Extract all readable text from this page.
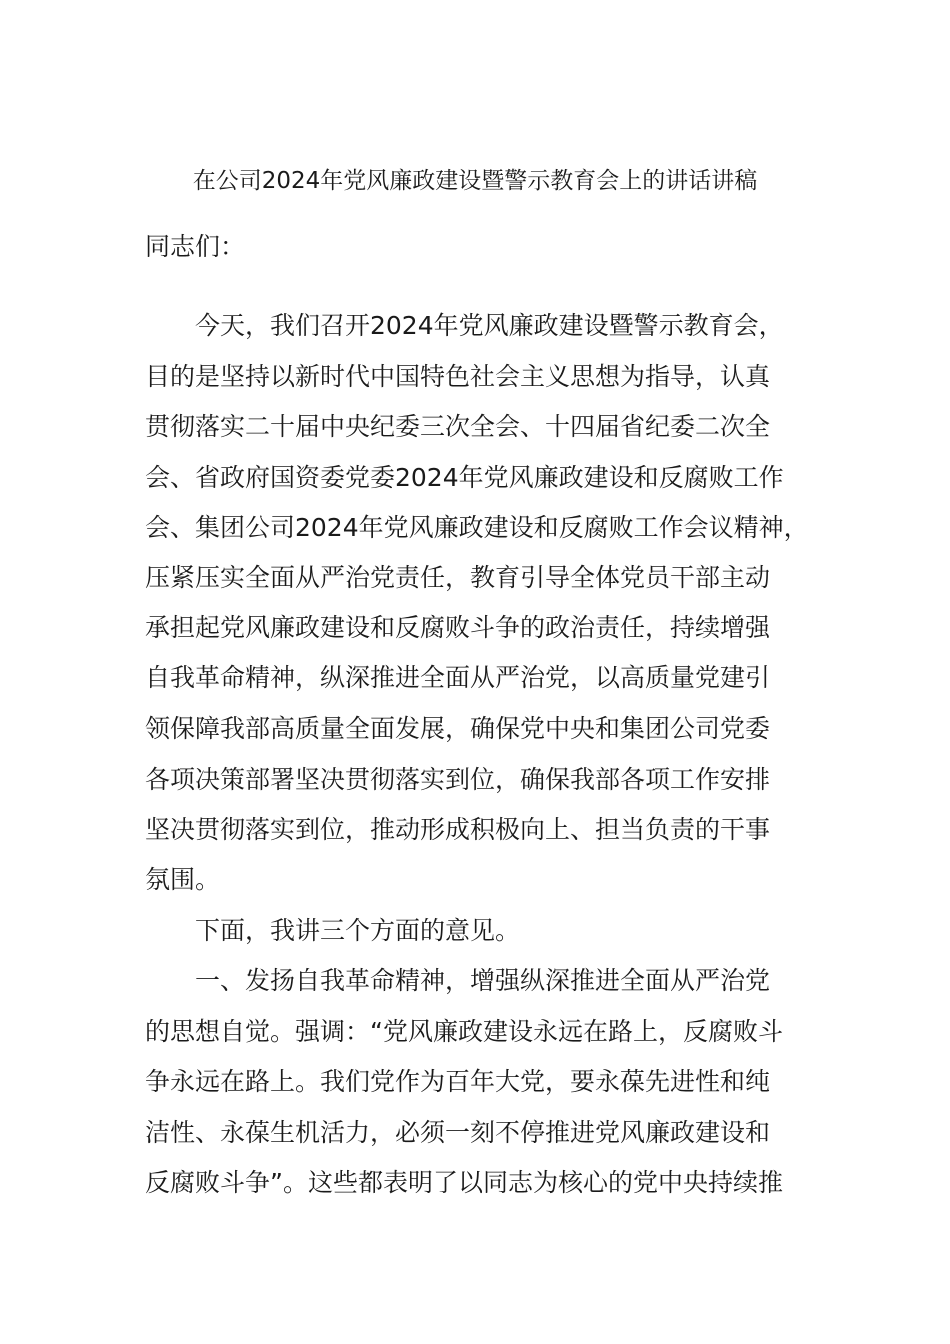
在公司2024年党风廉政建设暨警示教育会上的讲话讲稿
同志们：
　　今天，我们召开2024年党风廉政建设暨警示教育会，
目的是坚持以新时代中国特色社会主义思想为指导，认真
贯彻落实二十届中央纪委三次全会、十四届省纪委二次全
会、省政府国资委党委2024年党风廉政建设和反腐败工作
会、集团公司2024年党风廉政建设和反腐败工作会议精神，
压紧压实全面从严治党责任，教育引导全体党员干部主动
承担起党风廉政建设和反腐败斗争的政治责任，持续增强
自我革命精神，纵深推进全面从严治党，以高质量党建引
领保障我部高质量全面发展，确保党中央和集团公司党委
各项决策部署坚决贯彻落实到位，确保我部各项工作安排
坚决贯彻落实到位，推动形成积极向上、担当负责的干事
氛围。
　　下面，我讲三个方面的意见。
　　一、发扬自我革命精神，增强纵深推进全面从严治党
的思想自觉。强调：“党风廉政建设永远在路上，反腐败斗
争永远在路上。我们党作为百年大党，要永葆先进性和纯
洁性、永葆生机活力，必须一刻不停推进党风廉政建设和
反腐败斗争”。这些都表明了以同志为核心的党中央持续推
